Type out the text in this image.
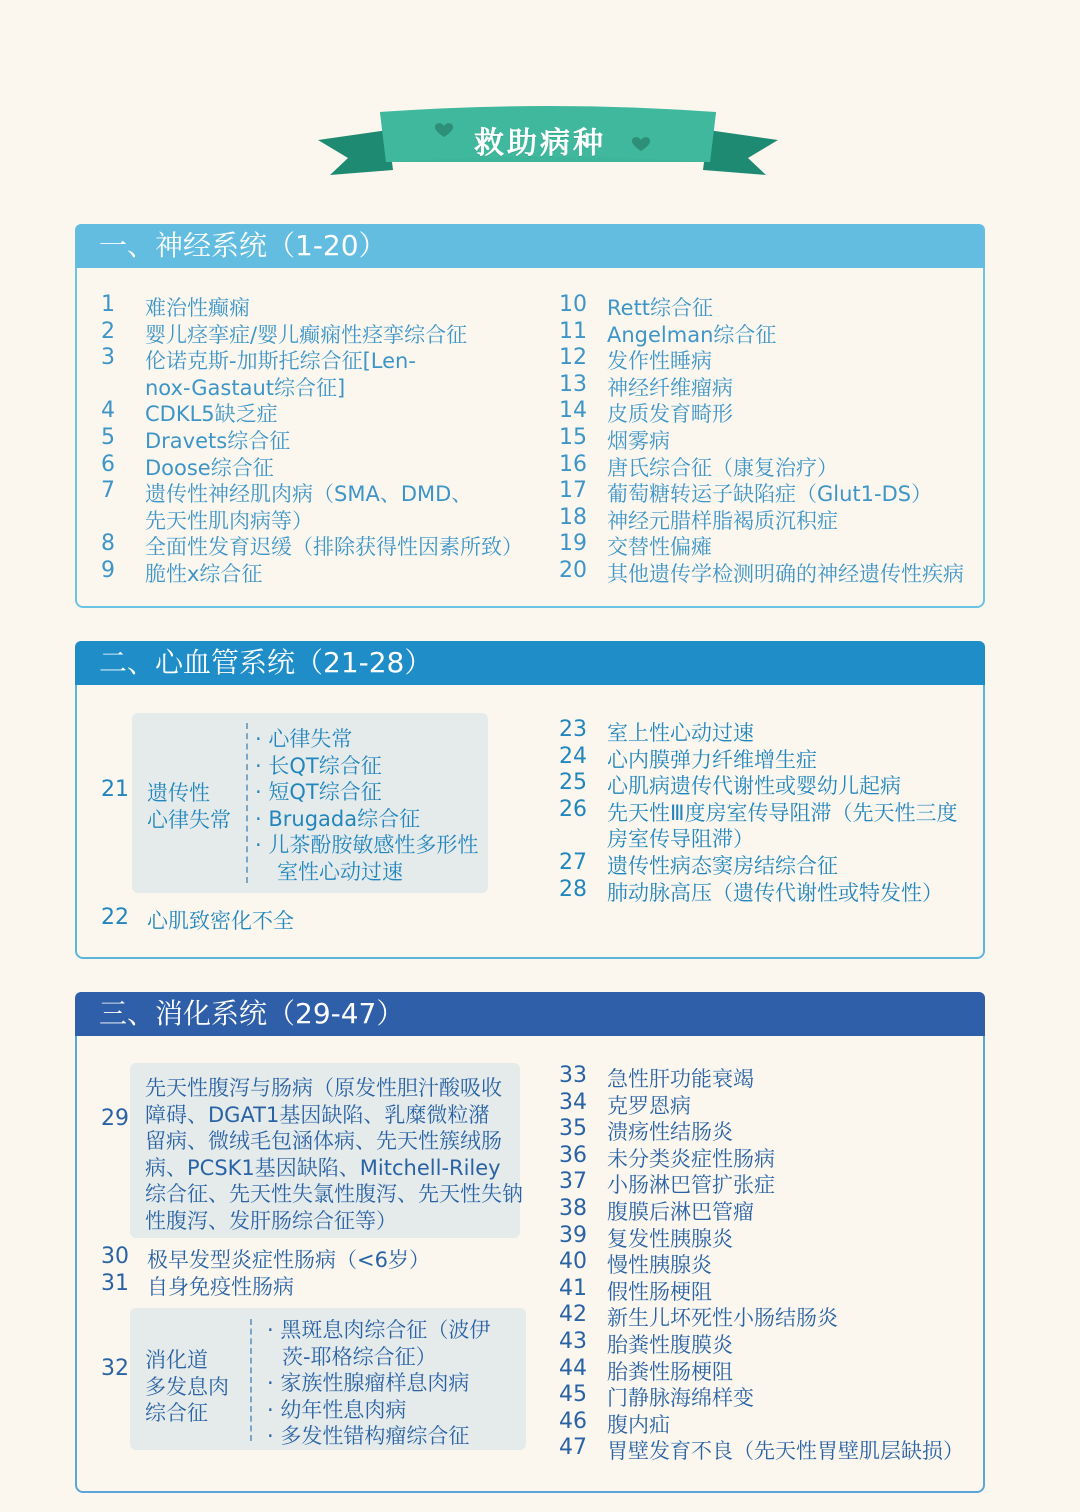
救助病种
一、神经系统（1-20）
1 难治性癫痫
2 婴儿痉挛症/婴儿癫痫性痉挛综合征
3 伦诺克斯-加斯托综合征[Len-
nox-Gastaut综合征]
4 CDKL5缺乏症
5 Dravets综合征
6 Doose综合征
7 遗传性神经肌肉病（SMA、DMD、
先天性肌肉病等）
8 全面性发育迟缓（排除获得性因素所致）
9 脆性x综合征
10 Rett综合征
11 Angelman综合征
12 发作性睡病
13 神经纤维瘤病
14 皮质发育畸形
15 烟雾病
16 唐氏综合征（康复治疗）
17 葡萄糖转运子缺陷症（Glut1-DS）
18 神经元腊样脂褐质沉积症
19 交替性偏瘫
20 其他遗传学检测明确的神经遗传性疾病
二、心血管系统（21-28）
21 遗传性
心律失常
22 心肌致密化不全
· 心律失常
· 长QT综合征
· 短QT综合征
· Brugada综合征
· 儿茶酚胺敏感性多形性
室性心动过速
23 室上性心动过速
24 心内膜弹力纤维增生症
25 心肌病遗传代谢性或婴幼儿起病
26 先天性Ⅲ度房室传导阻滞（先天性三度
房室传导阻滞）
27 遗传性病态窦房结综合征
28 肺动脉高压（遗传代谢性或特发性）
三、消化系统（29-47）
29
30 极早发型炎症性肠病（<6岁）
31 自身免疫性肠病
32
先天性腹泻与肠病（原发性胆汁酸吸收
障碍、DGAT1基因缺陷、乳糜微粒潴
留病、微绒毛包涵体病、先天性簇绒肠
病、PCSK1基因缺陷、Mitchell-Riley
综合征、先天性失氯性腹泻、先天性失钠
性腹泻、发肝肠综合征等）
消化道
多发息肉
综合征
· 黑斑息肉综合征（波伊
茨-耶格综合征）
· 家族性腺瘤样息肉病
· 幼年性息肉病
· 多发性错构瘤综合征
33 急性肝功能衰竭
34 克罗恩病
35 溃疡性结肠炎
36 未分类炎症性肠病
37 小肠淋巴管扩张症
38 腹膜后淋巴管瘤
39 复发性胰腺炎
40 慢性胰腺炎
41 假性肠梗阻
42 新生儿坏死性小肠结肠炎
43 胎粪性腹膜炎
44 胎粪性肠梗阻
45 门静脉海绵样变
46 腹内疝
47 胃壁发育不良（先天性胃壁肌层缺损）
